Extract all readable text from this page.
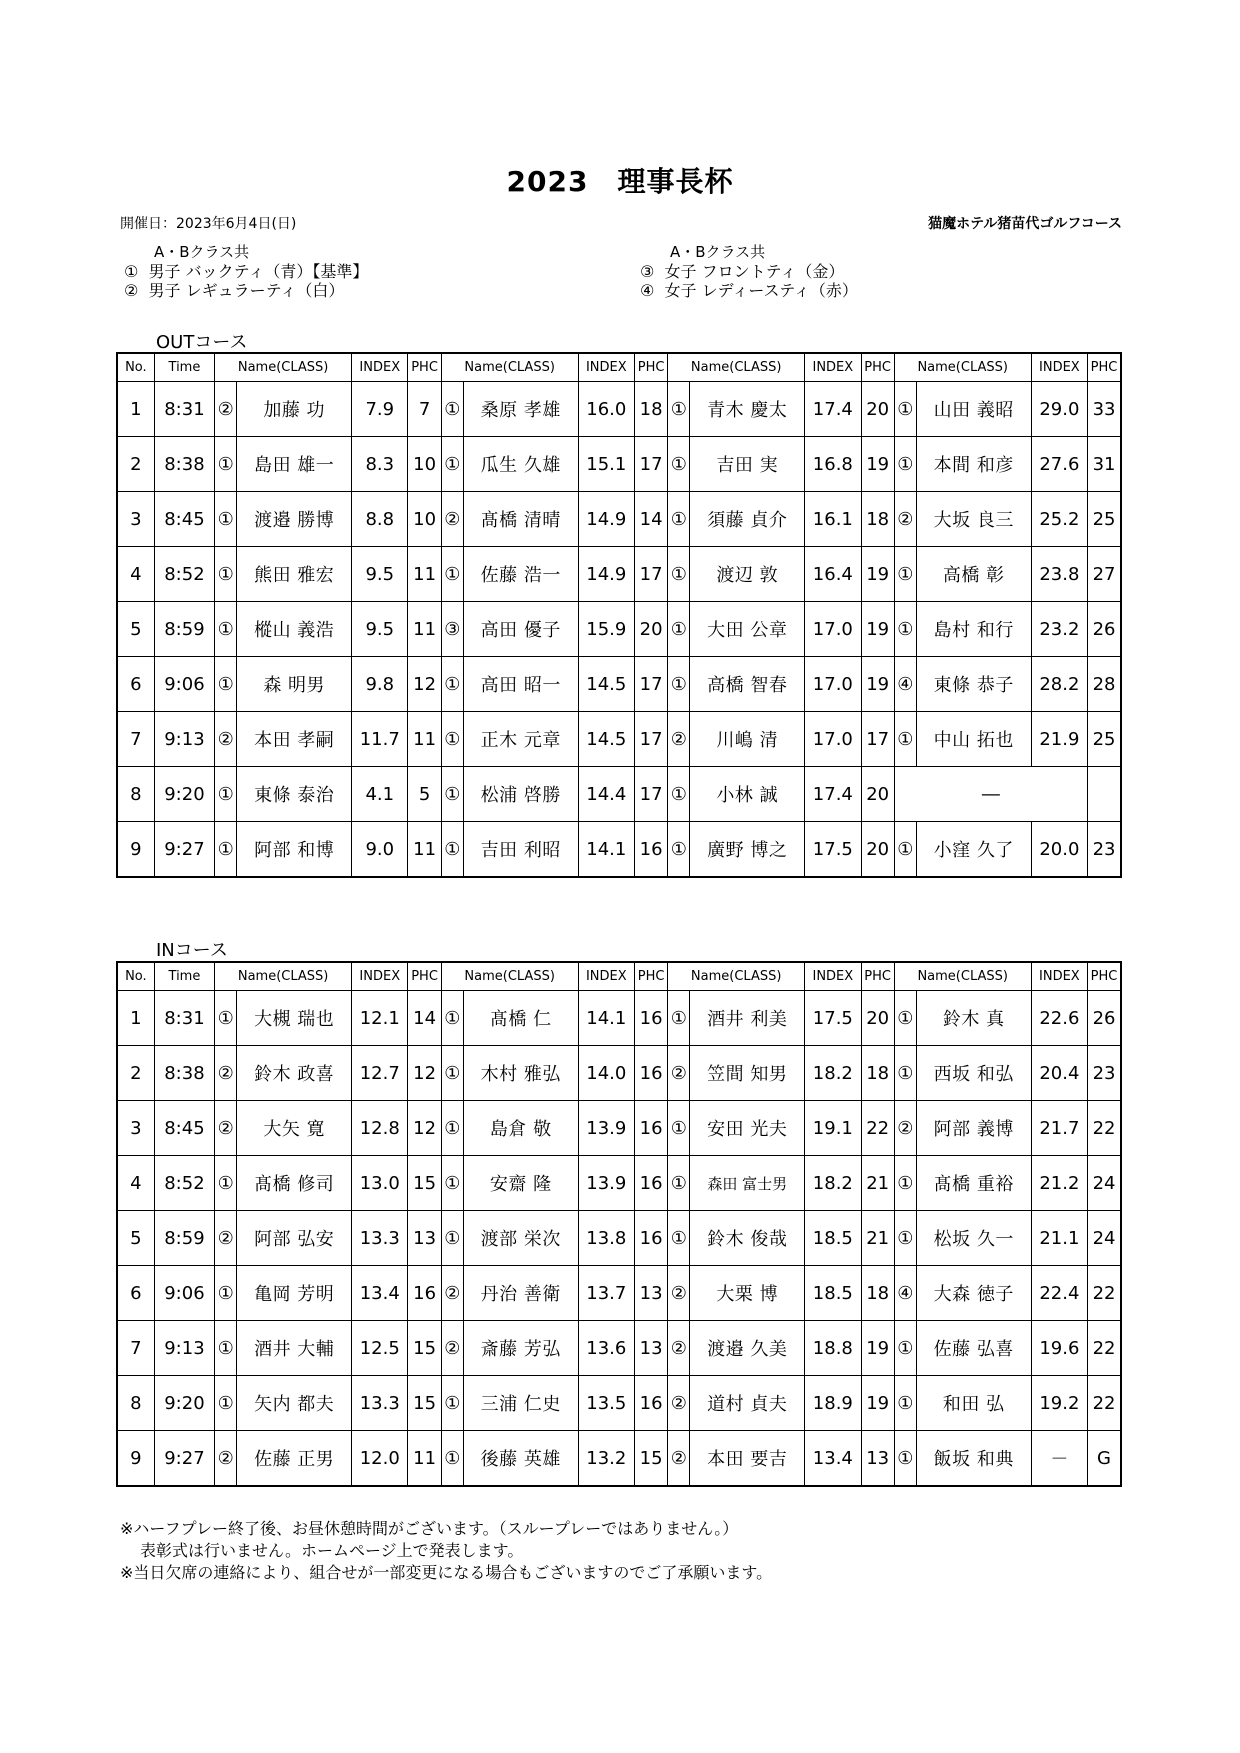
2023　理事長杯
開催日：2023年6月4日(日)	猫魔ホテル猪苗代ゴルフコース
A・Bクラス共
① 男子 バックティ（青）【基準】
② 男子 レギュラーティ（白）
A・Bクラス共
③ 女子 フロントティ（金）
④ 女子 レディースティ（赤）
OUTコース
No.	Time	Name(CLASS)		INDEX	PHC	Name(CLASS)		INDEX	PHC	Name(CLASS)		INDEX	PHC	Name(CLASS)		INDEX	PHC
1	8:31	②	加藤 功	7.9	7	①	桑原 孝雄	16.0	18	①	青木 慶太	17.4	20	①	山田 義昭	29.0	33
2	8:38	①	島田 雄一	8.3	10	①	瓜生 久雄	15.1	17	①	吉田 実	16.8	19	①	本間 和彦	27.6	31
3	8:45	①	渡邉 勝博	8.8	10	②	髙橋 清晴	14.9	14	①	須藤 貞介	16.1	18	②	大坂 良三	25.2	25
4	8:52	①	熊田 雅宏	9.5	11	①	佐藤 浩一	14.9	17	①	渡辺 敦	16.4	19	①	高橋 彰	23.8	27
5	8:59	①	樅山 義浩	9.5	11	③	高田 優子	15.9	20	①	大田 公章	17.0	19	①	島村 和行	23.2	26
6	9:06	①	森 明男	9.8	12	①	高田 昭一	14.5	17	①	高橋 智春	17.0	19	④	東條 恭子	28.2	28
7	9:13	②	本田 孝嗣	11.7	11	①	正木 元章	14.5	17	②	川嶋 清	17.0	17	①	中山 拓也	21.9	25
8	9:20	①	東條 泰治	4.1	5	①	松浦 啓勝	14.4	17	①	小林 誠	17.4	20	―			
9	9:27	①	阿部 和博	9.0	11	①	吉田 利昭	14.1	16	①	廣野 博之	17.5	20	①	小窪 久了	20.0	23
INコース
No.	Time	Name(CLASS)		INDEX	PHC	Name(CLASS)		INDEX	PHC	Name(CLASS)		INDEX	PHC	Name(CLASS)		INDEX	PHC
1	8:31	①	大槻 瑞也	12.1	14	①	髙橋 仁	14.1	16	①	酒井 利美	17.5	20	①	鈴木 真	22.6	26
2	8:38	②	鈴木 政喜	12.7	12	①	木村 雅弘	14.0	16	②	笠間 知男	18.2	18	①	西坂 和弘	20.4	23
3	8:45	②	大矢 寛	12.8	12	①	島倉 敬	13.9	16	①	安田 光夫	19.1	22	②	阿部 義博	21.7	22
4	8:52	①	髙橋 修司	13.0	15	①	安齋 隆	13.9	16	①	森田 富士男	18.2	21	①	髙橋 重裕	21.2	24
5	8:59	②	阿部 弘安	13.3	13	①	渡部 栄次	13.8	16	①	鈴木 俊哉	18.5	21	①	松坂 久一	21.1	24
6	9:06	①	亀岡 芳明	13.4	16	②	丹治 善衛	13.7	13	②	大栗 博	18.5	18	④	大森 徳子	22.4	22
7	9:13	①	酒井 大輔	12.5	15	②	斎藤 芳弘	13.6	13	②	渡邉 久美	18.8	19	①	佐藤 弘喜	19.6	22
8	9:20	①	矢内 都夫	13.3	15	①	三浦 仁史	13.5	16	②	道村 貞夫	18.9	19	①	和田 弘	19.2	22
9	9:27	②	佐藤 正男	12.0	11	①	後藤 英雄	13.2	15	②	本田 要吉	13.4	13	①	飯坂 和典	－	G
※ハーフプレー終了後、お昼休憩時間がございます。（スループレーではありません。）
表彰式は行いません。ホームページ上で発表します。
※当日欠席の連絡により、組合せが一部変更になる場合もございますのでご了承願います。
